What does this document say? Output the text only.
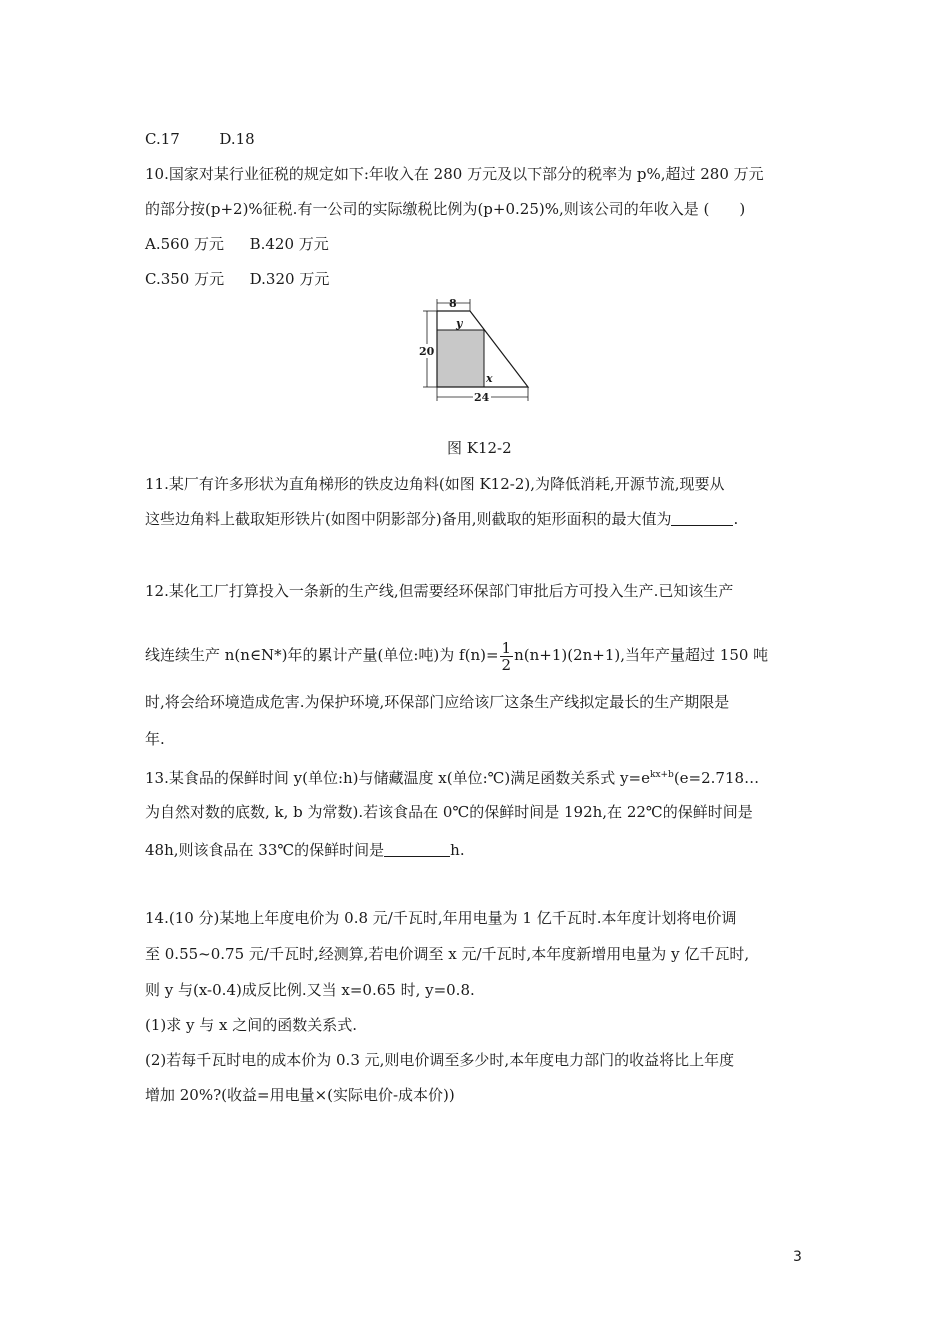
C.17	D.18
10.国家对某行业征税的规定如下:年收入在 280 万元及以下部分的税率为 p%,超过 280 万元
的部分按(p+2)%征税.有一公司的实际缴税比例为(p+0.25)%,则该公司的年收入是 (　　)
A.560 万元 B.420 万元
C.350 万元 D.320 万元
8
y
20
x
24
图 K12-2
11.某厂有许多形状为直角梯形的铁皮边角料(如图 K12-2),为降低消耗,开源节流,现要从
这些边角料上截取矩形铁片(如图中阴影部分)备用,则截取的矩形面积的最大值为	.
12.某化工厂打算投入一条新的生产线,但需要经环保部门审批后方可投入生产.已知该生产
线连续生产 n(n∈N*)年的累计产量(单位:吨)为 $f(n)= \frac{1}{2} n(n+1)(2n+1)$,当年产量超过 150 吨
时,将会给环境造成危害.为保护环境,环保部门应给该厂这条生产线拟定最长的生产期限是
年.
13.某食品的保鲜时间 y(单位:h)与储藏温度 x(单位:℃)满足函数关系式 $y=e^{kx+b}(e=2.718\dots$
为自然对数的底数, k, b 为常数).若该食品在 0℃的保鲜时间是 192h,在 22℃的保鲜时间是
48h,则该食品在 33℃的保鲜时间是	h.
14.(10 分)某地上年度电价为 0.8 元/千瓦时,年用电量为 1 亿千瓦时.本年度计划将电价调
至 0.55~0.75 元/千瓦时,经测算,若电价调至 x 元/千瓦时,本年度新增用电量为 y 亿千瓦时,
则 y 与(x-0.4)成反比例.又当 x=0.65 时, y=0.8.
(1)求 y 与 x 之间的函数关系式.
(2)若每千瓦时电的成本价为 0.3 元,则电价调至多少时,本年度电力部门的收益将比上年度
增加 20%?(收益=用电量×(实际电价-成本价))
3
